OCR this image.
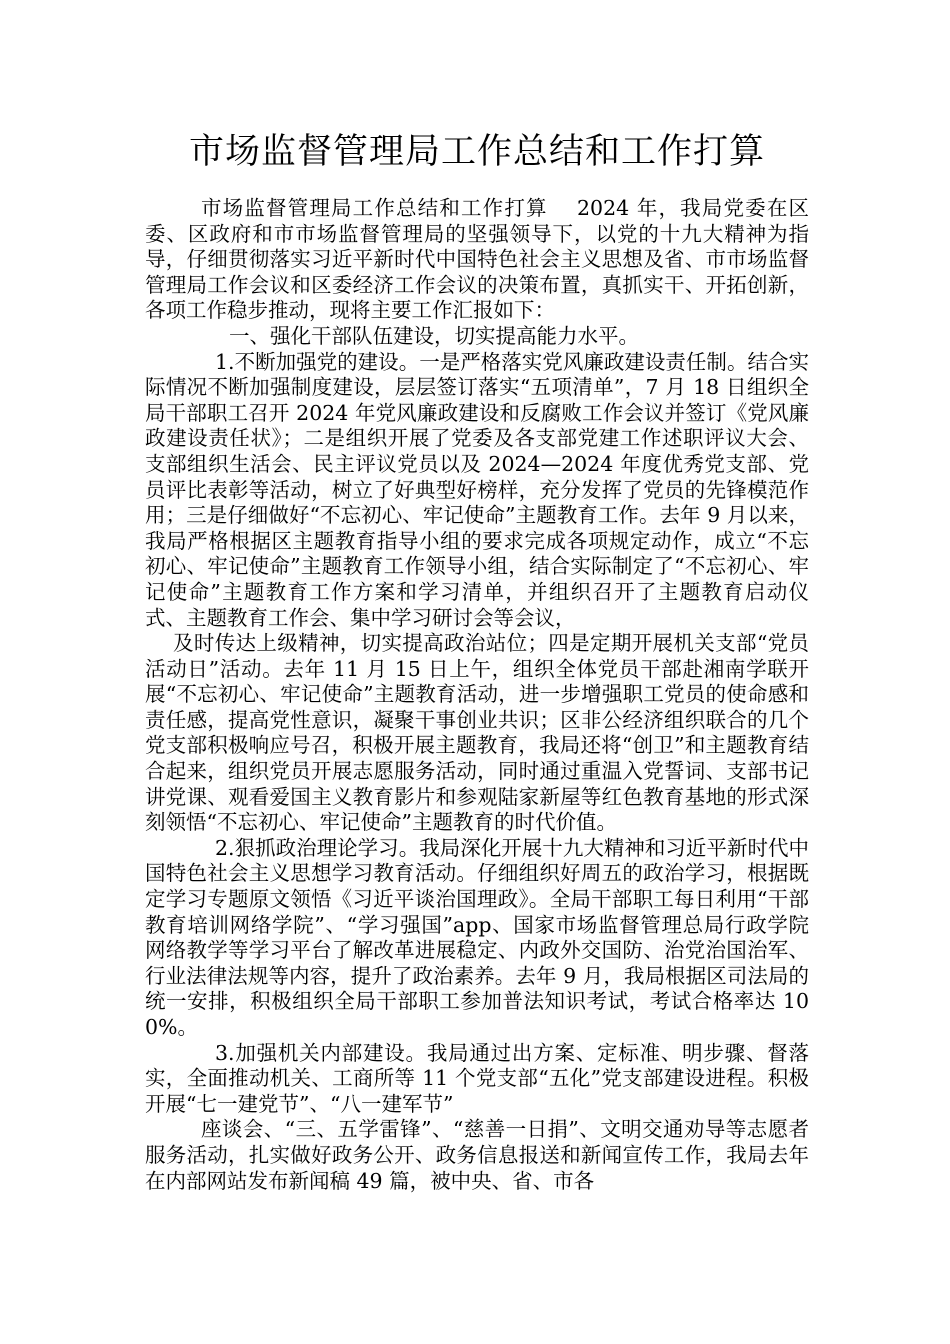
市场监督管理局工作总结和工作打算

市场监督管理局工作总结和工作打算　 2024 年，我局党委在区委、区政府和市市场监督管理局的坚强领导下，以党的十九大精神为指导，仔细贯彻落实习近平新时代中国特色社会主义思想及省、市市场监督管理局工作会议和区委经济工作会议的决策布置，真抓实干、开拓创新，各项工作稳步推动，现将主要工作汇报如下：

一、强化干部队伍建设，切实提高能力水平。

1.不断加强党的建设。一是严格落实党风廉政建设责任制。结合实际情况不断加强制度建设，层层签订落实“五项清单”，7 月 18 日组织全局干部职工召开 2024 年党风廉政建设和反腐败工作会议并签订《党风廉政建设责任状》；二是组织开展了党委及各支部党建工作述职评议大会、支部组织生活会、民主评议党员以及 2024—2024 年度优秀党支部、党员评比表彰等活动，树立了好典型好榜样，充分发挥了党员的先锋模范作用；三是仔细做好“不忘初心、牢记使命”主题教育工作。去年 9 月以来，我局严格根据区主题教育指导小组的要求完成各项规定动作，成立“不忘初心、牢记使命”主题教育工作领导小组，结合实际制定了“不忘初心、牢记使命”主题教育工作方案和学习清单，并组织召开了主题教育启动仪式、主题教育工作会、集中学习研讨会等会议，

及时传达上级精神，切实提高政治站位；四是定期开展机关支部“党员活动日”活动。去年 11 月 15 日上午，组织全体党员干部赴湘南学联开展“不忘初心、牢记使命”主题教育活动，进一步增强职工党员的使命感和责任感，提高党性意识，凝聚干事创业共识；区非公经济组织联合的几个党支部积极响应号召，积极开展主题教育，我局还将“创卫”和主题教育结合起来，组织党员开展志愿服务活动，同时通过重温入党誓词、支部书记讲党课、观看爱国主义教育影片和参观陆家新屋等红色教育基地的形式深刻领悟“不忘初心、牢记使命”主题教育的时代价值。

2.狠抓政治理论学习。我局深化开展十九大精神和习近平新时代中国特色社会主义思想学习教育活动。仔细组织好周五的政治学习，根据既定学习专题原文领悟《习近平谈治国理政》。全局干部职工每日利用“干部教育培训网络学院”、“学习强国”app、国家市场监督管理总局行政学院网络教学等学习平台了解改革进展稳定、内政外交国防、治党治国治军、行业法律法规等内容，提升了政治素养。去年 9 月，我局根据区司法局的统一安排，积极组织全局干部职工参加普法知识考试，考试合格率达 100%。

3.加强机关内部建设。我局通过出方案、定标准、明步骤、督落实，全面推动机关、工商所等 11 个党支部“五化”党支部建设进程。积极开展“七一建党节”、“八一建军节”

座谈会、“三、五学雷锋”、“慈善一日捐”、文明交通劝导等志愿者服务活动，扎实做好政务公开、政务信息报送和新闻宣传工作，我局去年在内部网站发布新闻稿 49 篇，被中央、省、市各
